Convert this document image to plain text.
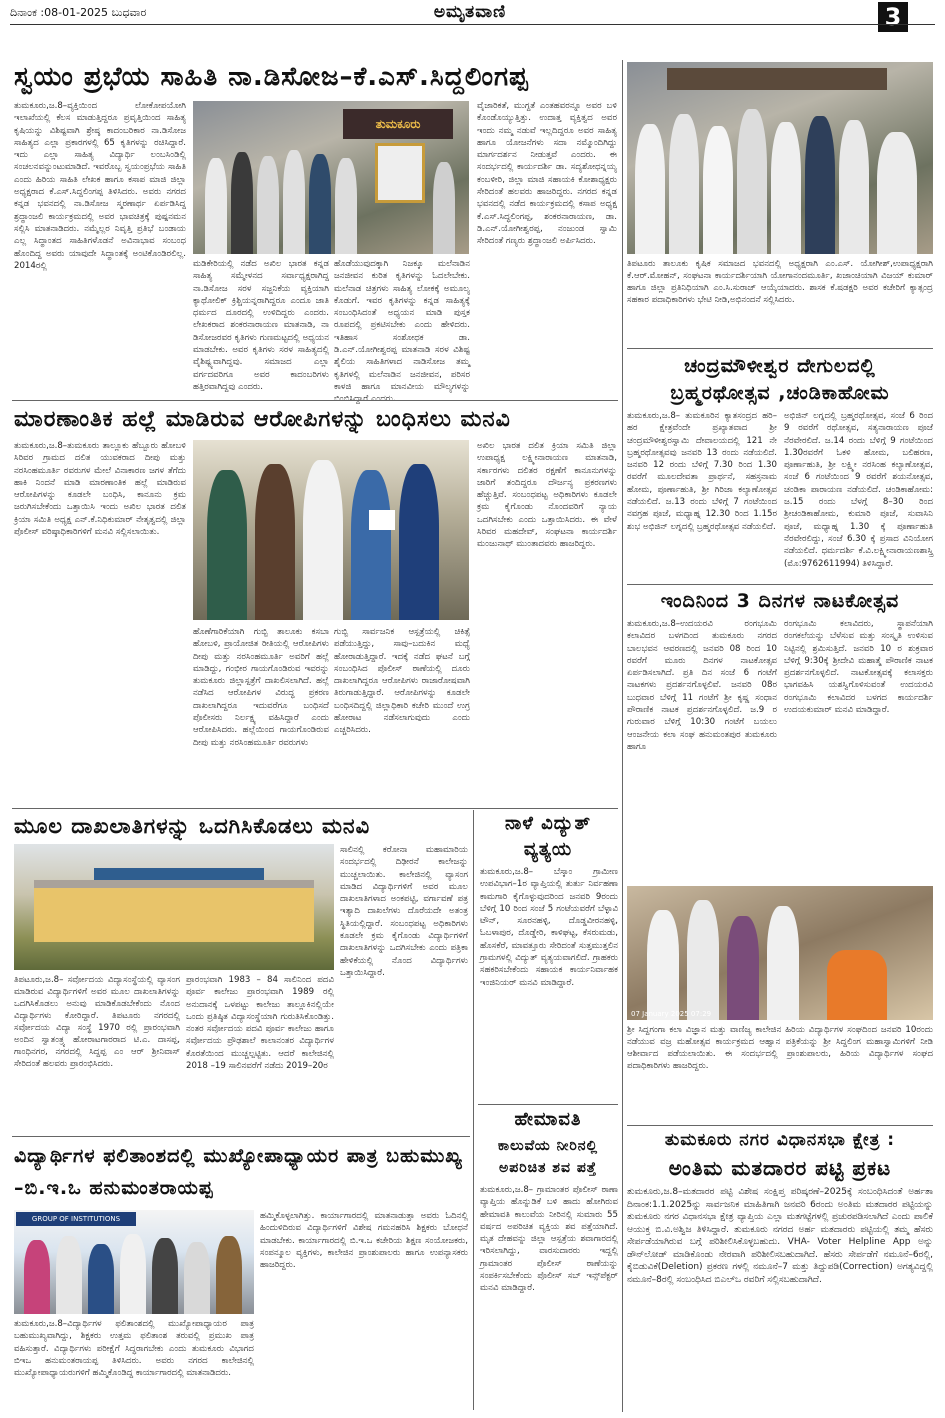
ದಿನಾಂಕ :08-01-2025 ಬುಧವಾರ	ಅಮೃತವಾಣಿ	3
ಸ್ವಯಂ ಪ್ರಭೆಯ ಸಾಹಿತಿ ನಾ.ಡಿಸೋಜ–ಕೆ.ಎಸ್.ಸಿದ್ದಲಿಂಗಪ್ಪ
ತುಮಕೂರು,ಜ.8–ವ್ಯಕ್ತಿಯಿಂದ ಲೋಕೋಪಯೋಗಿ ಇಲಾಖೆಯಲ್ಲಿ ಕೆಲಸ ಮಾಡುತ್ತಿದ್ದರೂ ಪ್ರವೃತ್ತಿಯಿಂದ ಸಾಹಿತ್ಯ ಕೃಷಿಯನ್ನು ವಿಶಿಷ್ಟವಾಗಿ ಶ್ರೇಷ್ಠ ಕಾದಂಬರಿಕಾರ ನಾ.ಡಿಸೋಜ ಸಾಹಿತ್ಯದ ಎಲ್ಲಾ ಪ್ರಕಾರಗಳಲ್ಲಿ 65 ಕೃತಿಗಳನ್ನು ರಚಿಸಿದ್ದಾರೆ. ಇದು ಎಲ್ಲಾ ಸಾಹಿತ್ಯ ವಿದ್ಯಾರ್ಥಿ ಲಂಬಸಿಂಡಿಲ್ಲಿ ಸಂಚಲನವನ್ನುಂಟುಮಾಡಿದೆ. ಇವರೊಬ್ಬ ಸ್ವಯಂಪ್ರಭೆಯ ಸಾಹಿತಿ ಎಂದು ಹಿರಿಯ ಸಾಹಿತಿ ಲೇಖಕ ಹಾಗೂ ಕಸಾಪ ಮಾಜಿ ಜಿಲ್ಲಾ ಅಧ್ಯಕ್ಷರಾದ ಕೆ.ಎಸ್.ಸಿದ್ದಲಿಂಗಪ್ಪ ತಿಳಿಸಿದರು. ಅವರು ನಗರದ ಕನ್ನಡ ಭವನದಲ್ಲಿ ನಾ.ಡಿಸೋಜ ಸ್ಮರಣಾರ್ಥ ಏರ್ಪಡಿಸಿದ್ದ ಶ್ರದ್ಧಾಂಜಲಿ ಕಾರ್ಯಕ್ರಮದಲ್ಲಿ ಅವರ ಭಾವಚಿತ್ರಕ್ಕೆ ಪುಷ್ಪನಮನ ಸಲ್ಲಿಸಿ ಮಾತನಾಡಿದರು. ನಮ್ಮೆಲ್ಲರ ನಿವೃತ್ತಿ ಪ್ರತಿಭೆ ಬಂಡಾಯ ಎಲ್ಲ ಸಿದ್ಧಾಂತದ ಸಾಹಿತಿಗಳೊಡನೆ ಅವಿನಾಭಾವ ಸಂಬಂಧ ಹೊಂದಿದ್ದ ಅವರು ಯಾವುದೇ ಸಿದ್ಧಾಂತಕ್ಕೆ ಅಂಟಿಕೊಂಡಿರಲಿಲ್ಲ. 2014ರಲ್ಲಿ
ತುಮಕೂರು
ಮಡಿಕೇರಿಯಲ್ಲಿ ನಡೆದ ಅಖಿಲ ಭಾರತ ಕನ್ನಡ ಸಾಹಿತ್ಯ ಸಮ್ಮೇಳನದ ಸರ್ವಾಧ್ಯಕ್ಷರಾಗಿದ್ದ ನಾ.ಡಿಸೋಜ ಸರಳ ಸಜ್ಜನಿಕೆಯ ವ್ಯಕ್ತಿಯಾಗಿ ಕ್ಯಾಥೋಲಿಕ್ ಕ್ರಿಶ್ಚಿಯನ್ನರಾಗಿದ್ದರೂ ಎಂದೂ ಜಾತಿ ಧರ್ಮದ ದೂರದಲ್ಲಿ ಉಳಿದಿದ್ದರು ಎಂದರು. ಲೇಖಕರಾದ ಶಂಕರನಾರಾಯಣ ಮಾತನಾಡಿ, ನಾ ಡಿಸೋಜರವರ ಕೃತಿಗಳು ಗುಣಮಟ್ಟದಲ್ಲಿ ಅಧ್ಯಯನ ಮಾಡಬೇಕು. ಅವರ ಕೃತಿಗಳು ಸರಳ ಸಾಹಿತ್ಯದಲ್ಲಿ ವೈಶಿಷ್ಟ್ಯವಾಗಿದ್ದವು. ಸಮಾಜದ ಎಲ್ಲಾ ವರ್ಗದವರಿಗೂ ಅವರ ಕಾದಂಬರಿಗಳು ಹತ್ತಿರವಾಗಿದ್ದವು ಎಂದರು.
ಹೊಡೆಯುವುದಕ್ಕಾಗಿ ನಿಜಕ್ಕೂ ಮಲೆನಾಡಿನ ಜನಜೀವನ ಕುರಿತ ಕೃತಿಗಳನ್ನು ಓದಲೇಬೇಕು. ಮಲೆನಾಡ ಚಿತ್ರಗಳು ಸಾಹಿತ್ಯ ಲೋಕಕ್ಕೆ ಅಮೂಲ್ಯ ಕೊಡುಗೆ. ಇವರ ಕೃತಿಗಳನ್ನು ಕನ್ನಡ ಸಾಹಿತ್ಯಕ್ಕೆ ಸಂಬಂಧಿಸಿದಂತೆ ಅಧ್ಯಯನ ಮಾಡಿ ಪುಸ್ತಕ ರೂಪದಲ್ಲಿ ಪ್ರಕಟಿಸಬೇಕು ಎಂದು ಹೇಳಿದರು. ಇತಿಹಾಸ ಸಂಶೋಧಕ ಡಾ. ಡಿ.ಎನ್.ಯೋಗೀಶ್ವರಪ್ಪ ಮಾತನಾಡಿ ಸರಳ ವಿಶಿಷ್ಟ ಶೈಲಿಯ ಸಾಹಿತಿಗಳಾದ ನಾಡಿಸೋಜ ತಮ್ಮ ಕೃತಿಗಳಲ್ಲಿ ಮಲೆನಾಡಿನ ಜನಜೀವನ, ಪರಿಸರ ಕಾಳಜಿ ಹಾಗೂ ಮಾನವೀಯ ಮೌಲ್ಯಗಳನ್ನು ಬಿಂಬಿಸಿದ್ದಾರೆ ಎಂದರು.
ವೈಜಾರಿಕತೆ, ಮುಗ್ದತೆ ಎಂತಹವರನ್ನೂ ಅವರ ಬಳಿ ಕೊಂಡೊಯ್ಯುತ್ತಿತ್ತು. ಉದಾತ್ತ ವ್ಯಕ್ತಿತ್ವದ ಅವರ ಇಂದು ನಮ್ಮ ನಡುವೆ ಇಲ್ಲದಿದ್ದರೂ ಅವರ ಸಾಹಿತ್ಯ ಹಾಗೂ ಯೋಜನೆಗಳು ಸದಾ ನಮ್ಮೊಂದಿಗಿದ್ದು ಮಾರ್ಗದರ್ಶನ ನೀಡುತ್ತವೆ ಎಂದರು. ಈ ಸಂದರ್ಭದಲ್ಲಿ ಕಾರ್ಯದರ್ಶಿ ಡಾ. ಸದ್ಯಶೋಧನ್ನಯ್ಯ ಕಂಬಳೀರಿ, ಜಿಲ್ಲಾ ಮಾಜಿ ಸಹಾಯಕಿ ಕೋಶಾಧ್ಯಕ್ಷರು ಸೇರಿದಂತೆ ಹಲವರು ಹಾಜರಿದ್ದರು. ನಗರದ ಕನ್ನಡ ಭವನದಲ್ಲಿ ನಡೆದ ಕಾರ್ಯಕ್ರಮದಲ್ಲಿ ಕಸಾಪ ಅಧ್ಯಕ್ಷ ಕೆ.ಎಸ್.ಸಿದ್ಧಲಿಂಗಪ್ಪ, ಶಂಕರನಾರಾಯಣ, ಡಾ. ಡಿ.ಎನ್.ಯೋಗೀಶ್ವರಪ್ಪ, ನಂಜುಂಡ ಸ್ವಾಮಿ ಸೇರಿದಂತೆ ಗಣ್ಯರು ಶ್ರದ್ಧಾಂಜಲಿ ಅರ್ಪಿಸಿದರು.
ತಿಪಟೂರು ತಾಲೂಕು ಕೃಷಿಕ ಸಮಾಜದ ಭವನದಲ್ಲಿ ಅಧ್ಯಕ್ಷರಾಗಿ ಎಂ.ಎಸ್. ಯೋಗೀಶ್,ಉಪಾಧ್ಯಕ್ಷರಾಗಿ ಕೆ.ಆರ್.ಮೋಹನ್, ಸಂಘಟನಾ ಕಾರ್ಯದರ್ಶಿಯಾಗಿ ಯೋಗಾನಂದಮೂರ್ತಿ, ಖಜಾಂಚಿಯಾಗಿ ವಿಜಯ್ ಕುಮಾರ್ ಹಾಗೂ ಜಿಲ್ಲಾ ಪ್ರತಿನಿಧಿಯಾಗಿ ಎಂ.ಸಿ.ಸುರಾಜ್ ಆಯ್ಕೆಯಾದರು. ಶಾಸಕ ಕೆ.ಷಡಕ್ಷರಿ ಅವರ ಕಚೇರಿಗೆ ಕ್ಯಾತ್ಸಂದ್ರ ಸಹಕಾರ ಪದಾಧಿಕಾರಿಗಳು ಭೇಟಿ ನೀಡಿ,ಅಭಿನಂದನೆ ಸಲ್ಲಿಸಿದರು.
ಚಂದ್ರಮೌಳೀಶ್ವರ ದೇಗುಲದಲ್ಲಿ
ಬ್ರಹ್ಮರಥೋತ್ಸವ ,ಚಂಡಿಕಾಹೋಮ
ತುಮಕೂರು,ಜ.8– ತುಮಕೂರಿನ ಕ್ಯಾತಸಂದ್ರದ ಹರಿ–ಹರ ಕ್ಷೇತ್ರವೆಂದೇ ಪ್ರಖ್ಯಾತವಾದ ಶ್ರೀ ಚಂದ್ರಮೌಳೀಶ್ವರಸ್ವಾಮಿ ದೇವಾಲಯದಲ್ಲಿ 121 ನೇ ಬ್ರಹ್ಮರಥೋತ್ಸವವು ಜನವರಿ 13 ರಂದು ನಡೆಯಲಿದೆ. ಜನವರಿ 12 ರಂದು ಬೆಳಿಗ್ಗೆ 7.30 ರಿಂದ 1.30 ರವರೆಗೆ ಮೂಲದೇವತಾ ಪ್ರಾರ್ಥನೆ, ಸಹಸ್ರನಾಮ ಹೋಮ, ಪೂರ್ಣಾಹುತಿ, ಶ್ರೀ ಗಿರಿಜಾ ಕಲ್ಯಾಣೋತ್ಸವ ನಡೆಯಲಿದೆ. ಜ.13 ರಂದು ಬೆಳಿಗ್ಗೆ 7 ಗಂಟೆಯಿಂದ ನವಗ್ರಹ ಪೂಜೆ, ಮಧ್ಯಾಹ್ನ 12.30 ರಿಂದ 1.15ರ ಶುಭ ಅಭಿಜಿನ್ ಲಗ್ನದಲ್ಲಿ ಬ್ರಹ್ಮರಥೋತ್ಸವ ನಡೆಯಲಿದೆ.
ಅಭಿಜಿನ್ ಲಗ್ನದಲ್ಲಿ ಬ್ರಹ್ಮರಥೋತ್ಸವ, ಸಂಜೆ 6 ರಿಂದ 9 ರವರೆಗೆ ರಥೋತ್ಸವ, ಸತ್ಯನಾರಾಯಣ ಪೂಜೆ ನೆರವೇರಲಿದೆ. ಜ.14 ರಂದು ಬೆಳಿಗ್ಗೆ 9 ಗಂಟೆಯಿಂದ 1.30ರವರೆಗೆ ಓಕಳಿ ಹೋಮ, ಬಲಿಹರಣ, ಪೂರ್ಣಾಹುತಿ, ಶ್ರೀ ಲಕ್ಷ್ಮೀ ನರಸಿಂಹ ಕಲ್ಯಾಣೋತ್ಸವ, ಸಂಜೆ 6 ಗಂಟೆಯಿಂದ 9 ರವರೆಗೆ ಶಯನೋತ್ಸವ, ಚಂಡಿಕಾ ಪಾರಾಯಣ ನಡೆಯಲಿದೆ. ಚಂಡಿಕಾಹೋಮ: ಜ.15 ರಂದು ಬೆಳಗ್ಗೆ 8–30 ರಿಂದ ಶ್ರೀಚಂಡಿಕಾಹೋಮ, ಕುಮಾರಿ ಪೂಜೆ, ಸುವಾಸಿನಿ ಪೂಜೆ, ಮಧ್ಯಾಹ್ನ 1.30 ಕ್ಕೆ ಪೂರ್ಣಾಹುತಿ ನೆರವೇರಲಿದ್ದು, ಸಂಜೆ 6.30 ಕ್ಕೆ ಪ್ರಸಾದ ವಿನಿಯೋಗ ನಡೆಯಲಿದೆ. ಧರ್ಮದರ್ಶಿ ಕೆ.ವಿ.ಲಕ್ಷ್ಮೀನಾರಾಯಣಶಾಸ್ತ್ರಿ (ಮೊ:9762611994) ತಿಳಿಸಿದ್ದಾರೆ.
ಇಂದಿನಿಂದ 3 ದಿನಗಳ ನಾಟಕೋತ್ಸವ
ತುಮಕೂರು,ಜ.8–ಉದಯರವಿ ರಂಗಭೂಮಿ ಕಲಾವಿದರ ಬಳಗದಿಂದ ತುಮಕೂರು ನಗರದ ಬಾಲಭವನ ಆವರಣದಲ್ಲಿ ಜನವರಿ 08 ರಿಂದ 10 ರವರೆಗೆ ಮೂರು ದಿನಗಳ ನಾಟಕೋತ್ಸವ ಏರ್ಪಡಿಸಲಾಗಿದೆ. ಪ್ರತಿ ದಿನ ಸಂಜೆ 6 ಗಂಟೆಗೆ ನಾಟಕಗಳು ಪ್ರದರ್ಶನಗೊಳ್ಳಲಿವೆ. ಜನವರಿ 08ರ ಬುಧವಾರ ಬೆಳಿಗ್ಗೆ 11 ಗಂಟೆಗೆ ಶ್ರೀ ಕೃಷ್ಣ ಸಂಧಾನ ಪೌರಾಣಿಕ ನಾಟಕ ಪ್ರದರ್ಶನಗೊಳ್ಳಲಿದೆ. ಜ.9 ರ ಗುರುವಾರ ಬೆಳಿಗ್ಗೆ 10:30 ಗಂಟೆಗೆ ಬಯಲು ಆಂಜನೇಯ ಕಲಾ ಸಂಘ ಹನುಮಂತಪುರ ತುಮಕೂರು ಹಾಗೂ
ರಂಗಭೂಮಿ ಕಲಾವಿದರು, ಸ್ಥಾಪನೆಯಾಗಿ ರಂಗಕಲೆಯನ್ನು ಬೆಳೆಸುವ ಮತ್ತು ಸಂಸ್ಕೃತಿ ಉಳಿಸುವ ನಿಟ್ಟಿನಲ್ಲಿ ಶ್ರಮಿಸುತ್ತಿದೆ. ಜನವರಿ 10 ರ ಶುಕ್ರವಾರ ಬೆಳಿಗ್ಗೆ 9:30ಕ್ಕೆ ಶ್ರೀದೇವಿ ಮಹಾತ್ಮೆ ಪೌರಾಣಿಕ ನಾಟಕ ಪ್ರದರ್ಶನಗೊಳ್ಳಲಿದೆ. ನಾಟಕೋತ್ಸವಕ್ಕೆ ಕಲಾಸಕ್ತರು ಭಾಗವಹಿಸಿ ಯಶಸ್ವಿಗೊಳಿಸುವಂತೆ ಉದಯರವಿ ರಂಗಭೂಮಿ ಕಲಾವಿದರ ಬಳಗದ ಕಾರ್ಯದರ್ಶಿ ಉದಯಕುಮಾರ್ ಮನವಿ ಮಾಡಿದ್ದಾರೆ.
07 January 2025 07:29
ಶ್ರೀ ಸಿದ್ದಗಂಗಾ ಕಲಾ ವಿಜ್ಞಾನ ಮತ್ತು ವಾಣಿಜ್ಯ ಕಾಲೇಜಿನ ಹಿರಿಯ ವಿದ್ಯಾರ್ಥಿಗಳ ಸಂಘದಿಂದ ಜನವರಿ 10ರಂದು ನಡೆಯುವ ವಜ್ರ ಮಹೋತ್ಸವ ಕಾರ್ಯಕ್ರಮದ ಆಹ್ವಾನ ಪತ್ರಿಕೆಯನ್ನು ಶ್ರೀ ಸಿದ್ದಲಿಂಗ ಮಹಾಸ್ವಾಮಿಗಳಿಗೆ ನೀಡಿ ಆಶೀರ್ವಾದ ಪಡೆಯಲಾಯಿತು. ಈ ಸಂದರ್ಭದಲ್ಲಿ ಪ್ರಾಂಶುಪಾಲರು, ಹಿರಿಯ ವಿದ್ಯಾರ್ಥಿಗಳ ಸಂಘದ ಪದಾಧಿಕಾರಿಗಳು ಹಾಜರಿದ್ದರು.
ತುಮಕೂರು ನಗರ ವಿಧಾನಸಭಾ ಕ್ಷೇತ್ರ :
ಅಂತಿಮ ಮತದಾರರ ಪಟ್ಟಿ ಪ್ರಕಟ
ತುಮಕೂರು,ಜ.8–ಮತದಾರರ ಪಟ್ಟಿ ವಿಶೇಷ ಸಂಕ್ಷಿಪ್ತ ಪರಿಷ್ಕರಣೆ–2025ಕ್ಕೆ ಸಂಬಂಧಿಸಿದಂತೆ ಅರ್ಹತಾ ದಿನಾಂಕ:1.1.2025ನ್ನು ಸಾರ್ವಜನಿಕ ಮಾಹಿತಿಗಾಗಿ ಜನವರಿ 6ರಂದು ಅಂತಿಮ ಮತದಾರರ ಪಟ್ಟಿಯನ್ನು ತುಮಕೂರು ನಗರ ವಿಧಾನಸಭಾ ಕ್ಷೇತ್ರ ವ್ಯಾಪ್ತಿಯ ಎಲ್ಲಾ ಮತಗಟ್ಟೆಗಳಲ್ಲಿ ಪ್ರಚುರಪಡಿಸಲಾಗಿದೆ ಎಂದು ಪಾಲಿಕೆ ಆಯುಕ್ತ ಬಿ.ವಿ.ಅಶ್ವಿಜ ತಿಳಿಸಿದ್ದಾರೆ. ತುಮಕೂರು ನಗರದ ಅರ್ಹ ಮತದಾರರು ಪಟ್ಟಿಯಲ್ಲಿ ತಮ್ಮ ಹೆಸರು ಸೇರ್ಪಡೆಯಾಗಿರುವ ಬಗ್ಗೆ ಪರಿಶೀಲಿಸಿಕೊಳ್ಳಬಹುದು. VHA- Voter Helpline App ಅನ್ನು ಡೌನ್‌ಲೋಡ್ ಮಾಡಿಕೊಂಡು ನೇರವಾಗಿ ಪರಿಶೀಲಿಸಬಹುದಾಗಿದೆ. ಹೆಸರು ಸೇರ್ಪಡೆಗೆ ನಮೂನೆ–6ರಲ್ಲಿ, ಕೈಬಿಡುವಿಕೆ(Deletion) ಪ್ರಕರಣ ಗಳಲ್ಲಿ ನಮೂನೆ–7 ಮತ್ತು ತಿದ್ದುಪಡಿ(Correction) ಅಗತ್ಯವಿದ್ದಲ್ಲಿ ನಮೂನೆ–8ರಲ್ಲಿ ಸಂಬಂಧಿಸಿದ ಬಿಎಲ್‌ಒ ರವರಿಗೆ ಸಲ್ಲಿಸಬಹುದಾಗಿದೆ.
ಮಾರಣಾಂತಿಕ ಹಲ್ಲೆ ಮಾಡಿರುವ ಆರೋಪಿಗಳನ್ನು ಬಂಧಿಸಲು ಮನವಿ
ತುಮಕೂರು,ಜ.8–ತುಮಕೂರು ತಾಲ್ಲೂಕು ಹೆಬ್ಬೂರು ಹೋಬಳಿ ಸಿರಿವರ ಗ್ರಾಮದ ದಲಿತ ಯುವಕರಾದ ದೀಪು ಮತ್ತು ನರಸಿಂಹಮೂರ್ತಿ ರವರುಗಳ ಮೇಲೆ ವಿನಾಕಾರಣ ಜಗಳ ತೆಗೆದು ಹಾಕಿ ನಿಂದನೆ ಮಾಡಿ ಮಾರಣಾಂತಿಕ ಹಲ್ಲೆ ಮಾಡಿರುವ ಆರೋಪಿಗಳನ್ನು ಕೂಡಲೇ ಬಂಧಿಸಿ, ಕಾನೂನು ಕ್ರಮ ಜರುಗಿಸಬೇಕೆಂದು ಒತ್ತಾಯಿಸಿ ಇಂದು ಅಖಿಲ ಭಾರತ ದಲಿತ ಕ್ರಿಯಾ ಸಮಿತಿ ಅಧ್ಯಕ್ಷ ಎನ್.ಕೆ.ನಿಧಿಕುಮಾರ್ ನೇತೃತ್ವದಲ್ಲಿ ಜಿಲ್ಲಾ ಪೊಲೀಸ್ ವರಿಷ್ಠಾಧಿಕಾರಿಗಳಿಗೆ ಮನವಿ ಸಲ್ಲಿಸಲಾಯಿತು.
ಹೊಣೆಗಾರಿಕೆಯಾಗಿ ಗುಬ್ಬಿ ತಾಲೂಕು ಕಸಬಾ ಹೋಬಳಿ, ಪ್ರಾಯೋಜಿತ ರೀತಿಯಲ್ಲಿ ಆರೋಪಿಗಳು ದೀಪು ಮತ್ತು ನರಸಿಂಹಮೂರ್ತಿ ಅವರಿಗೆ ಹಲ್ಲೆ ಮಾಡಿದ್ದು, ಗಂಭೀರ ಗಾಯಗೊಂಡಿರುವ ಇವರನ್ನು ತುಮಕೂರು ಜಿಲ್ಲಾಸ್ಪತ್ರೆಗೆ ದಾಖಲಿಸಲಾಗಿದೆ. ಹಲ್ಲೆ ನಡೆಸಿದ ಆರೋಪಿಗಳ ವಿರುದ್ಧ ಪ್ರಕರಣ ದಾಖಲಾಗಿದ್ದರೂ ಇದುವರೆಗೂ ಬಂಧಿಸದೆ ಪೊಲೀಸರು ನಿರ್ಲಕ್ಷ್ಯ ವಹಿಸಿದ್ದಾರೆ ಎಂದು ಆರೋಪಿಸಿದರು. ಹಲ್ಲೆಯಿಂದ ಗಾಯಗೊಂಡಿರುವ ದೀಪು ಮತ್ತು ನರಸಿಂಹಮೂರ್ತಿ ರವರುಗಳು
ಗುಬ್ಬಿ ಸಾರ್ವಜನಿಕ ಆಸ್ಪತ್ರೆಯಲ್ಲಿ ಚಿಕಿತ್ಸೆ ಪಡೆಯುತ್ತಿದ್ದು, ಸಾವು–ಬದುಕಿನ ಮಧ್ಯೆ ಹೋರಾಡುತ್ತಿದ್ದಾರೆ. ಇದಕ್ಕೆ ನಡೆದ ಘಟನೆ ಬಗ್ಗೆ ಸಂಬಂಧಿಸಿದ ಪೊಲೀಸ್ ಠಾಣೆಯಲ್ಲಿ ದೂರು ದಾಖಲಾಗಿದ್ದರೂ ಆರೋಪಿಗಳು ರಾಜಾರೋಷವಾಗಿ ತಿರುಗಾಡುತ್ತಿದ್ದಾರೆ. ಆರೋಪಿಗಳನ್ನು ಕೂಡಲೇ ಬಂಧಿಸದಿದ್ದಲ್ಲಿ ಜಿಲ್ಲಾಧಿಕಾರಿ ಕಚೇರಿ ಮುಂದೆ ಉಗ್ರ ಹೋರಾಟ ನಡೆಸಲಾಗುವುದು ಎಂದು ಎಚ್ಚರಿಸಿದರು.
ಅಖಿಲ ಭಾರತ ದಲಿತ ಕ್ರಿಯಾ ಸಮಿತಿ ಜಿಲ್ಲಾ ಉಪಾಧ್ಯಕ್ಷ ಲಕ್ಷ್ಮೀನಾರಾಯಣ ಮಾತನಾಡಿ, ಸರ್ಕಾರಗಳು ದಲಿತರ ರಕ್ಷಣೆಗೆ ಕಾನೂನುಗಳನ್ನು ಜಾರಿಗೆ ತಂದಿದ್ದರೂ ದೌರ್ಜನ್ಯ ಪ್ರಕರಣಗಳು ಹೆಚ್ಚುತ್ತಿವೆ. ಸಂಬಂಧಪಟ್ಟ ಅಧಿಕಾರಿಗಳು ಕೂಡಲೇ ಕ್ರಮ ಕೈಗೊಂಡು ನೊಂದವರಿಗೆ ನ್ಯಾಯ ಒದಗಿಸಬೇಕು ಎಂದು ಒತ್ತಾಯಿಸಿದರು. ಈ ವೇಳೆ ಸಿರಿವರ ಮಹದೇವ್, ಸಂಘಟನಾ ಕಾರ್ಯದರ್ಶಿ ಮಂಜುನಾಥ್ ಮುಂತಾದವರು ಹಾಜರಿದ್ದರು.
ಮೂಲ ದಾಖಲಾತಿಗಳನ್ನು ಒದಗಿಸಿಕೊಡಲು ಮನವಿ
ತಿಪಟೂರು,ಜ.8– ಸರ್ವೋದಯ ವಿದ್ಯಾಸಂಸ್ಥೆಯಲ್ಲಿ ವ್ಯಾಸಂಗ ಮಾಡಿರುವ ವಿದ್ಯಾರ್ಥಿಗಳಿಗೆ ಅವರ ಮೂಲ ದಾಖಲಾತಿಗಳನ್ನು ಒದಗಿಸಿಕೊಡಲು ಅನುವು ಮಾಡಿಕೊಡಬೇಕೆಂದು ನೊಂದ ವಿದ್ಯಾರ್ಥಿಗಳು ಕೋರಿದ್ದಾರೆ. ತಿಪಟೂರು ನಗರದಲ್ಲಿ ಸರ್ವೋದಯ ವಿದ್ಯಾ ಸಂಸ್ಥೆ 1970 ರಲ್ಲಿ ಪ್ರಾರಂಭವಾಗಿ ಅಂದಿನ ಸ್ವಾತಂತ್ರ್ಯ ಹೋರಾಟಗಾರರಾದ ಟಿ.ಎ. ದಾಸಪ್ಪ, ಗಾಂಧಿನಗರ, ನಗರದಲ್ಲಿ ಸಿದ್ದಪ್ಪ ಎಂ ಆರ್ ಶ್ರೀನಿವಾಸ್ ಸೇರಿದಂತೆ ಹಲವರು ಪ್ರಾರಂಭಿಸಿದರು.
ಪ್ರಾರಂಭವಾಗಿ 1983 – 84 ಸಾಲಿನಿಂದ ಪದವಿ ಪೂರ್ವ ಕಾಲೇಜು ಪ್ರಾರಂಭವಾಗಿ 1989 ರಲ್ಲಿ ಅನುದಾನಕ್ಕೆ ಒಳಪಟ್ಟು ಕಾಲೇಜು ತಾಲ್ಲೂಕಿನಲ್ಲಿಯೇ ಒಂದು ಪ್ರತಿಷ್ಠಿತ ವಿದ್ಯಾಸಂಸ್ಥೆಯಾಗಿ ಗುರುತಿಸಿಕೊಂಡಿತ್ತು. ನಂತರ ಸರ್ವೋದಯ ಪದವಿ ಪೂರ್ವ ಕಾಲೇಜು ಹಾಗೂ ಸರ್ವೋದಯ ಪ್ರೌಢಶಾಲೆ ಕಾಲಾನಂತರ ವಿದ್ಯಾರ್ಥಿಗಳ ಕೊರತೆಯಿಂದ ಮುಚ್ಚಲ್ಪಟ್ಟಿತು. ಆದರೆ ಕಾಲೇಜಿನಲ್ಲಿ 2018 –19 ಸಾಲಿನವರೆಗೆ ನಡೆದು 2019–20ರ
ಸಾಲಿನಲ್ಲಿ ಕರೋನಾ ಮಹಾಮಾರಿಯ ಸಂದರ್ಭದಲ್ಲಿ ದಿಢೀರನೆ ಕಾಲೇಜನ್ನು ಮುಚ್ಚಲಾಯಿತು. ಕಾಲೇಜಿನಲ್ಲಿ ವ್ಯಾಸಂಗ ಮಾಡಿದ ವಿದ್ಯಾರ್ಥಿಗಳಿಗೆ ಅವರ ಮೂಲ ದಾಖಲಾತಿಗಳಾದ ಅಂಕಪಟ್ಟಿ, ವರ್ಗಾವಣೆ ಪತ್ರ ಇತ್ಯಾದಿ ದಾಖಲೆಗಳು ದೊರೆಯದೇ ಅತಂತ್ರ ಸ್ಥಿತಿಯಲ್ಲಿದ್ದಾರೆ. ಸಂಬಂಧಪಟ್ಟ ಅಧಿಕಾರಿಗಳು ಕೂಡಲೇ ಕ್ರಮ ಕೈಗೊಂಡು ವಿದ್ಯಾರ್ಥಿಗಳಿಗೆ ದಾಖಲಾತಿಗಳನ್ನು ಒದಗಿಸಬೇಕು ಎಂದು ಪತ್ರಿಕಾ ಹೇಳಿಕೆಯಲ್ಲಿ ನೊಂದ ವಿದ್ಯಾರ್ಥಿಗಳು ಒತ್ತಾಯಿಸಿದ್ದಾರೆ.
ನಾಳೆ ವಿದ್ಯುತ್
ವ್ಯತ್ಯಯ
ತುಮಕೂರು,ಜ.8– ಬೆಸ್ಕಾಂ ಗ್ರಾಮೀಣ ಉಪವಿಭಾಗ–1ರ ವ್ಯಾಪ್ತಿಯಲ್ಲಿ ತುರ್ತು ನಿರ್ವಹಣಾ ಕಾಮಗಾರಿ ಕೈಗೊಳ್ಳುವುದರಿಂದ ಜನವರಿ 9ರಂದು ಬೆಳಿಗ್ಗೆ 10 ರಿಂದ ಸಂಜೆ 5 ಗಂಟೆಯವರೆಗೆ ಬೆಳ್ಳಾವಿ ಟೌನ್, ಸೂರನಹಳ್ಳಿ, ದೊಡ್ಡವೀರನಹಳ್ಳಿ, ಓಬಳಾಪುರ, ದೊಡ್ಡೇರಿ, ಕಾಳಿಘಟ್ಟ, ಕೆಸರುಮಡು, ಹೊಸಕೆರೆ, ಮಾವತ್ತೂರು ಸೇರಿದಂತೆ ಸುತ್ತಮುತ್ತಲಿನ ಗ್ರಾಮಗಳಲ್ಲಿ ವಿದ್ಯುತ್ ವ್ಯತ್ಯಯವಾಗಲಿದೆ. ಗ್ರಾಹಕರು ಸಹಕರಿಸಬೇಕೆಂದು ಸಹಾಯಕ ಕಾರ್ಯನಿರ್ವಾಹಕ ಇಂಜಿನಿಯರ್ ಮನವಿ ಮಾಡಿದ್ದಾರೆ.
ಹೇಮಾವತಿ
ಕಾಲುವೆಯ ನೀರಿನಲ್ಲಿ
ಅಪರಿಚಿತ ಶವ ಪತ್ತೆ
ತುಮಕೂರು,ಜ.8– ಗ್ರಾಮಾಂತರ ಪೊಲೀಸ್ ಠಾಣಾ ವ್ಯಾಪ್ತಿಯ ಹೊನ್ನುಡಿಕೆ ಬಳಿ ಹಾದು ಹೋಗಿರುವ ಹೇಮಾವತಿ ಕಾಲುವೆಯ ನೀರಿನಲ್ಲಿ ಸುಮಾರು 55 ವರ್ಷದ ಅಪರಿಚಿತ ವ್ಯಕ್ತಿಯ ಶವ ಪತ್ತೆಯಾಗಿದೆ. ಮೃತ ದೇಹವನ್ನು ಜಿಲ್ಲಾ ಆಸ್ಪತ್ರೆಯ ಶವಾಗಾರದಲ್ಲಿ ಇರಿಸಲಾಗಿದ್ದು, ವಾರಸುದಾರರು ಇದ್ದಲ್ಲಿ ಗ್ರಾಮಾಂತರ ಪೊಲೀಸ್ ಠಾಣೆಯನ್ನು ಸಂಪರ್ಕಿಸಬೇಕೆಂದು ಪೊಲೀಸ್ ಸಬ್ ಇನ್ಸ್‌ಪೆಕ್ಟರ್ ಮನವಿ ಮಾಡಿದ್ದಾರೆ.
ವಿದ್ಯಾರ್ಥಿಗಳ ಫಲಿತಾಂಶದಲ್ಲಿ ಮುಖ್ಯೋಪಾಧ್ಯಾಯರ ಪಾತ್ರ ಬಹುಮುಖ್ಯ –ಬಿ.ಇ.ಒ ಹನುಮಂತರಾಯಪ್ಪ
GROUP OF INSTITUTIONS
ತುಮಕೂರು,ಜ.8–ವಿದ್ಯಾರ್ಥಿಗಳ ಫಲಿತಾಂಶದಲ್ಲಿ ಮುಖ್ಯೋಪಾಧ್ಯಾಯರ ಪಾತ್ರ ಬಹುಮುಖ್ಯವಾಗಿದ್ದು, ಶಿಕ್ಷಕರು ಉತ್ತಮ ಫಲಿತಾಂಶ ತರುವಲ್ಲಿ ಪ್ರಮುಖ ಪಾತ್ರ ವಹಿಸುತ್ತಾರೆ. ವಿದ್ಯಾರ್ಥಿಗಳು ಪರೀಕ್ಷೆಗೆ ಸಿದ್ಧರಾಗಬೇಕು ಎಂದು ತುಮಕೂರು ವಿಭಾಗದ ಬಿಇಒ ಹನುಮಂತರಾಯಪ್ಪ ತಿಳಿಸಿದರು. ಅವರು ನಗರದ ಕಾಲೇಜಿನಲ್ಲಿ ಮುಖ್ಯೋಪಾಧ್ಯಾಯರುಗಳಿಗೆ ಹಮ್ಮಿಕೊಂಡಿದ್ದ ಕಾರ್ಯಾಗಾರದಲ್ಲಿ ಮಾತನಾಡಿದರು.
ಹಮ್ಮಿಕೊಳ್ಳಲಾಗಿತ್ತು. ಕಾರ್ಯಾಗಾರದಲ್ಲಿ ಮಾತನಾಡುತ್ತಾ ಅವರು ಓದಿನಲ್ಲಿ ಹಿಂದುಳಿದಿರುವ ವಿದ್ಯಾರ್ಥಿಗಳಿಗೆ ವಿಶೇಷ ಗಮನಹರಿಸಿ ಶಿಕ್ಷಕರು ಬೋಧನೆ ಮಾಡಬೇಕು. ಕಾರ್ಯಾಗಾರದಲ್ಲಿ ಬಿ.ಇ.ಒ ಕಚೇರಿಯ ಶಿಕ್ಷಣ ಸಂಯೋಜಕರು, ಸಂಪನ್ಮೂಲ ವ್ಯಕ್ತಿಗಳು, ಕಾಲೇಜಿನ ಪ್ರಾಂಶುಪಾಲರು ಹಾಗೂ ಉಪನ್ಯಾಸಕರು ಹಾಜರಿದ್ದರು.
